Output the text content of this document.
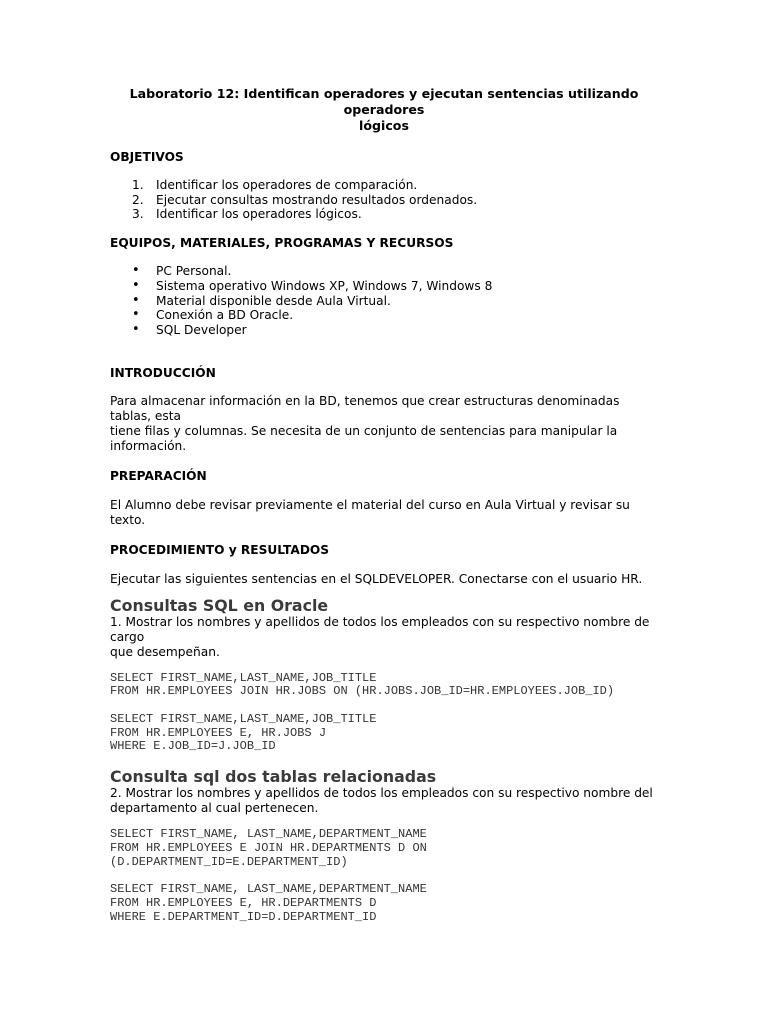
Laboratorio 12: Identifican operadores y ejecutan sentencias utilizando operadores
lógicos

OBJETIVOS

1. Identificar los operadores de comparación.
2. Ejecutar consultas mostrando resultados ordenados.
3. Identificar los operadores lógicos.

EQUIPOS, MATERIALES, PROGRAMAS Y RECURSOS

• PC Personal.
• Sistema operativo Windows XP, Windows 7, Windows 8
• Material disponible desde Aula Virtual.
• Conexión a BD Oracle.
• SQL Developer

INTRODUCCIÓN

Para almacenar información en la BD, tenemos que crear estructuras denominadas tablas, esta
tiene filas y columnas. Se necesita de un conjunto de sentencias para manipular la información.

PREPARACIÓN

El Alumno debe revisar previamente el material del curso en Aula Virtual y revisar su texto.

PROCEDIMIENTO y RESULTADOS

Ejecutar las siguientes sentencias en el SQLDEVELOPER. Conectarse con el usuario HR.

Consultas SQL en Oracle

1. Mostrar los nombres y apellidos de todos los empleados con su respectivo nombre de cargo
que desempeñan.
SELECT FIRST_NAME,LAST_NAME,JOB_TITLE
FROM HR.EMPLOYEES JOIN HR.JOBS ON (HR.JOBS.JOB_ID=HR.EMPLOYEES.JOB_ID)
SELECT FIRST_NAME,LAST_NAME,JOB_TITLE
FROM HR.EMPLOYEES E, HR.JOBS J
WHERE E.JOB_ID=J.JOB_ID

Consulta sql dos tablas relacionadas

2. Mostrar los nombres y apellidos de todos los empleados con su respectivo nombre del
departamento al cual pertenecen.
SELECT FIRST_NAME, LAST_NAME,DEPARTMENT_NAME
FROM HR.EMPLOYEES E JOIN HR.DEPARTMENTS D ON
(D.DEPARTMENT_ID=E.DEPARTMENT_ID)
SELECT FIRST_NAME, LAST_NAME,DEPARTMENT_NAME
FROM HR.EMPLOYEES E, HR.DEPARTMENTS D
WHERE E.DEPARTMENT_ID=D.DEPARTMENT_ID
